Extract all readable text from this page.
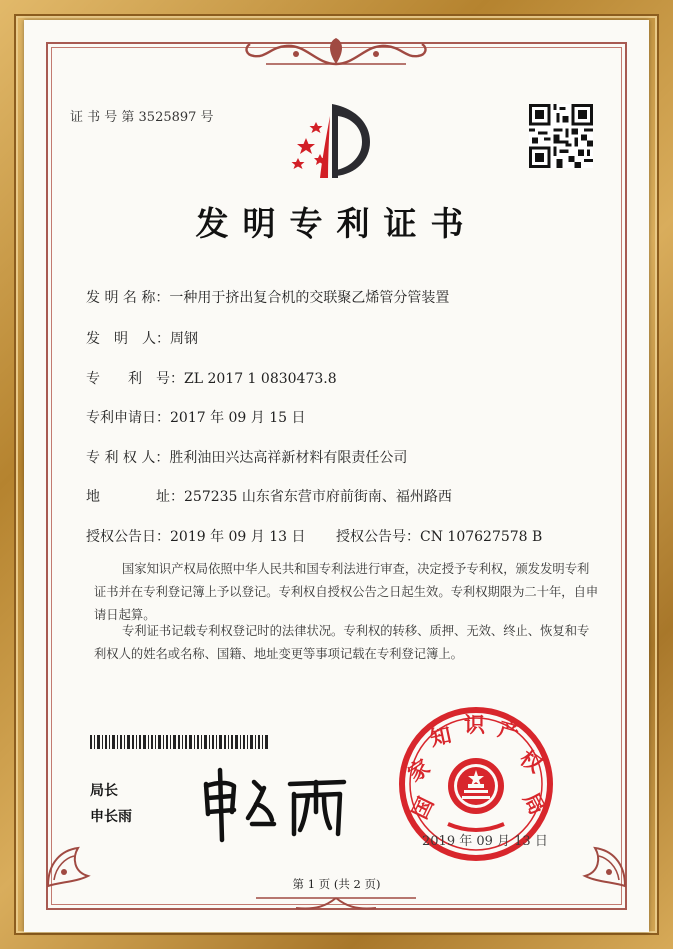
证 书 号 第 3525897 号
发明专利证书
发 明 名 称：一种用于挤出复合机的交联聚乙烯管分管装置
发　明　人：周钢
专　　利　号：ZL 2017 1 0830473.8
专利申请日：2017 年 09 月 15 日
专 利 权 人：胜利油田兴达高祥新材料有限责任公司
地　　　　址：257235 山东省东营市府前街南、福州路西
授权公告日：2019 年 09 月 13 日 授权公告号：CN 107627578 B
国家知识产权局依照中华人民共和国专利法进行审查，决定授予专利权，颁发发明专利证书并在专利登记簿上予以登记。专利权自授权公告之日起生效。专利权期限为二十年，自申请日起算。
专利证书记载专利权登记时的法律状况。专利权的转移、质押、无效、终止、恢复和专利权人的姓名或名称、国籍、地址变更等事项记载在专利登记簿上。
局长
申长雨	国
家
知 识 产
权
局
2019 年 09 月 13 日
第 1 页 (共 2 页)
